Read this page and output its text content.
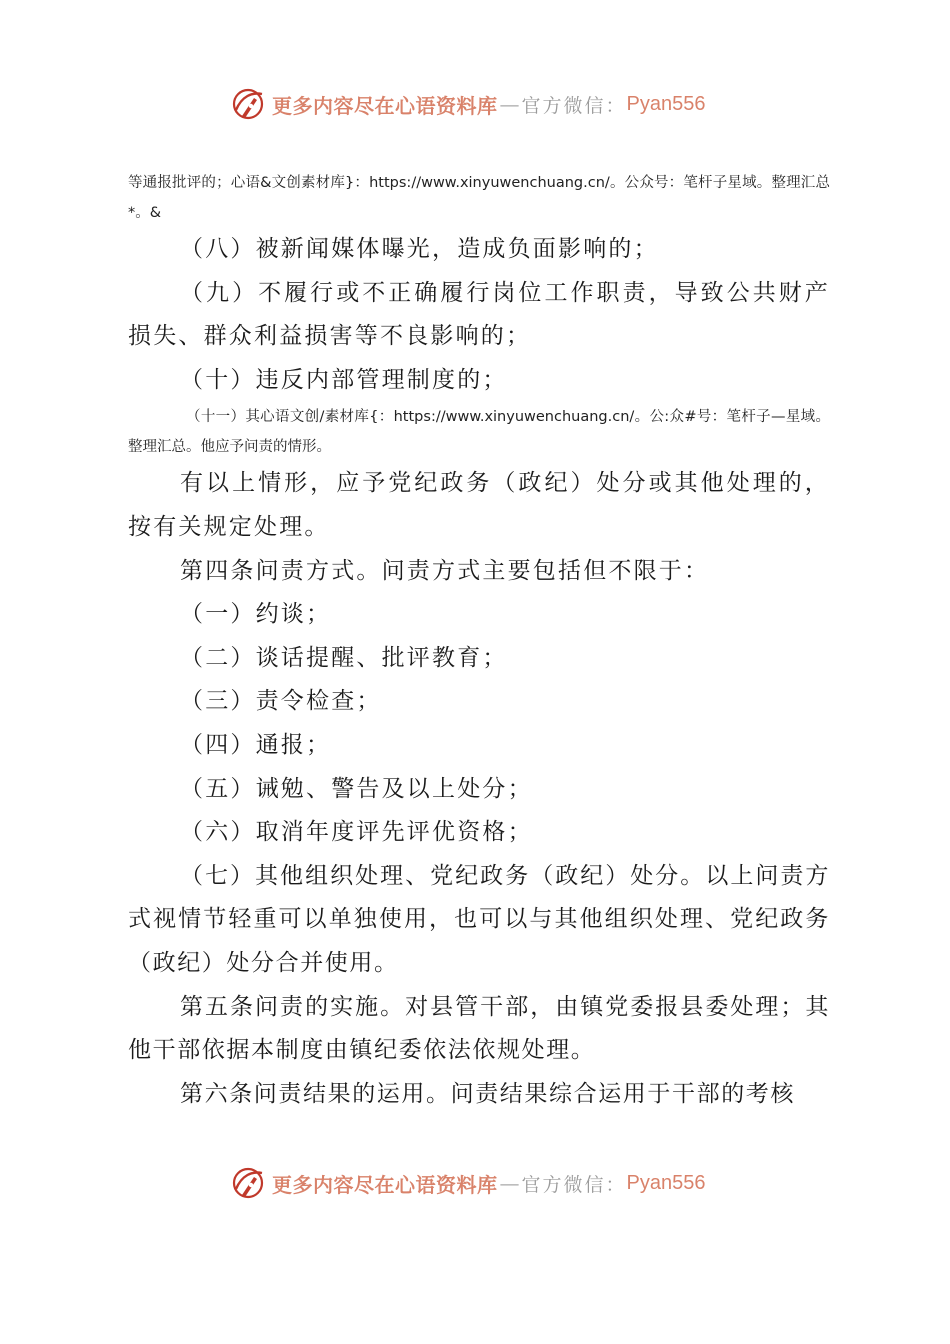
更多内容尽在心语资料库 — 官方微信： Pyan556

等通报批评的；心语&文创素材库}：https://www.xinyuwenchuang.cn/。公众号：笔杆子星域。整理汇总*。&

（八）被新闻媒体曝光，造成负面影响的；

（九）不履行或不正确履行岗位工作职责，导致公共财产损失、群众利益损害等不良影响的；

（十）违反内部管理制度的；

（十一）其心语文创/素材库{：https://www.xinyuwenchuang.cn/。公:众#号：笔杆子—星域。整理汇总。他应予问责的情形。

有以上情形，应予党纪政务（政纪）处分或其他处理的，按有关规定处理。

第四条问责方式。问责方式主要包括但不限于：

（一）约谈；

（二）谈话提醒、批评教育；

（三）责令检查；

（四）通报；

（五）诫勉、警告及以上处分；

（六）取消年度评先评优资格；

（七）其他组织处理、党纪政务（政纪）处分。以上问责方式视情节轻重可以单独使用，也可以与其他组织处理、党纪政务（政纪）处分合并使用。

第五条问责的实施。对县管干部，由镇党委报县委处理；其他干部依据本制度由镇纪委依法依规处理。

第六条问责结果的运用。问责结果综合运用于干部的考核

更多内容尽在心语资料库 — 官方微信： Pyan556
